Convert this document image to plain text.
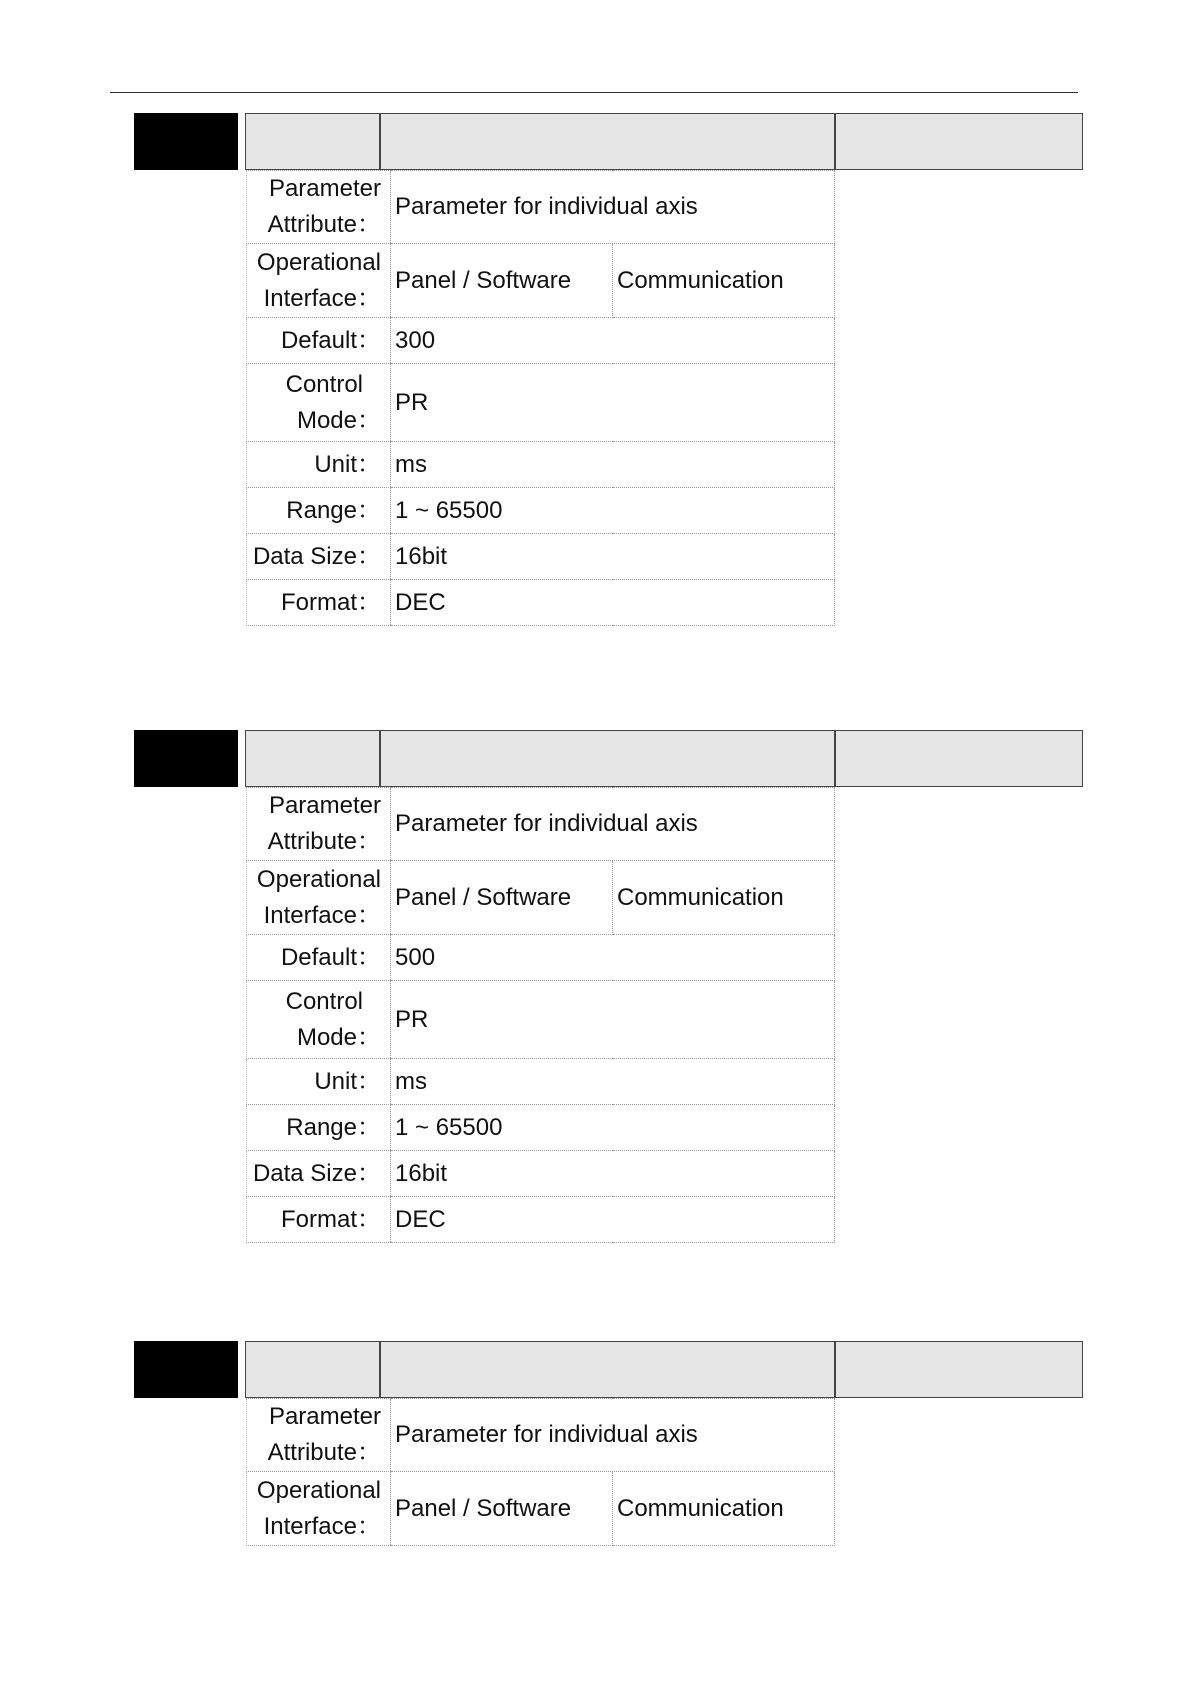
Parameter
Attribute：	Parameter for individual axis	

Operational
Interface：	Panel / Software	Communication
Default：	300	

Control
Mode：	PR	
Unit：	ms	
Range：	1 ~ 65500	
Data Size：	16bit	
Format：	DEC	
Parameter
Attribute：	Parameter for individual axis	

Operational
Interface：	Panel / Software	Communication
Default：	500	

Control
Mode：	PR	
Unit：	ms	
Range：	1 ~ 65500	
Data Size：	16bit	
Format：	DEC	
Parameter
Attribute：	Parameter for individual axis	

Operational
Interface：	Panel / Software	Communication
